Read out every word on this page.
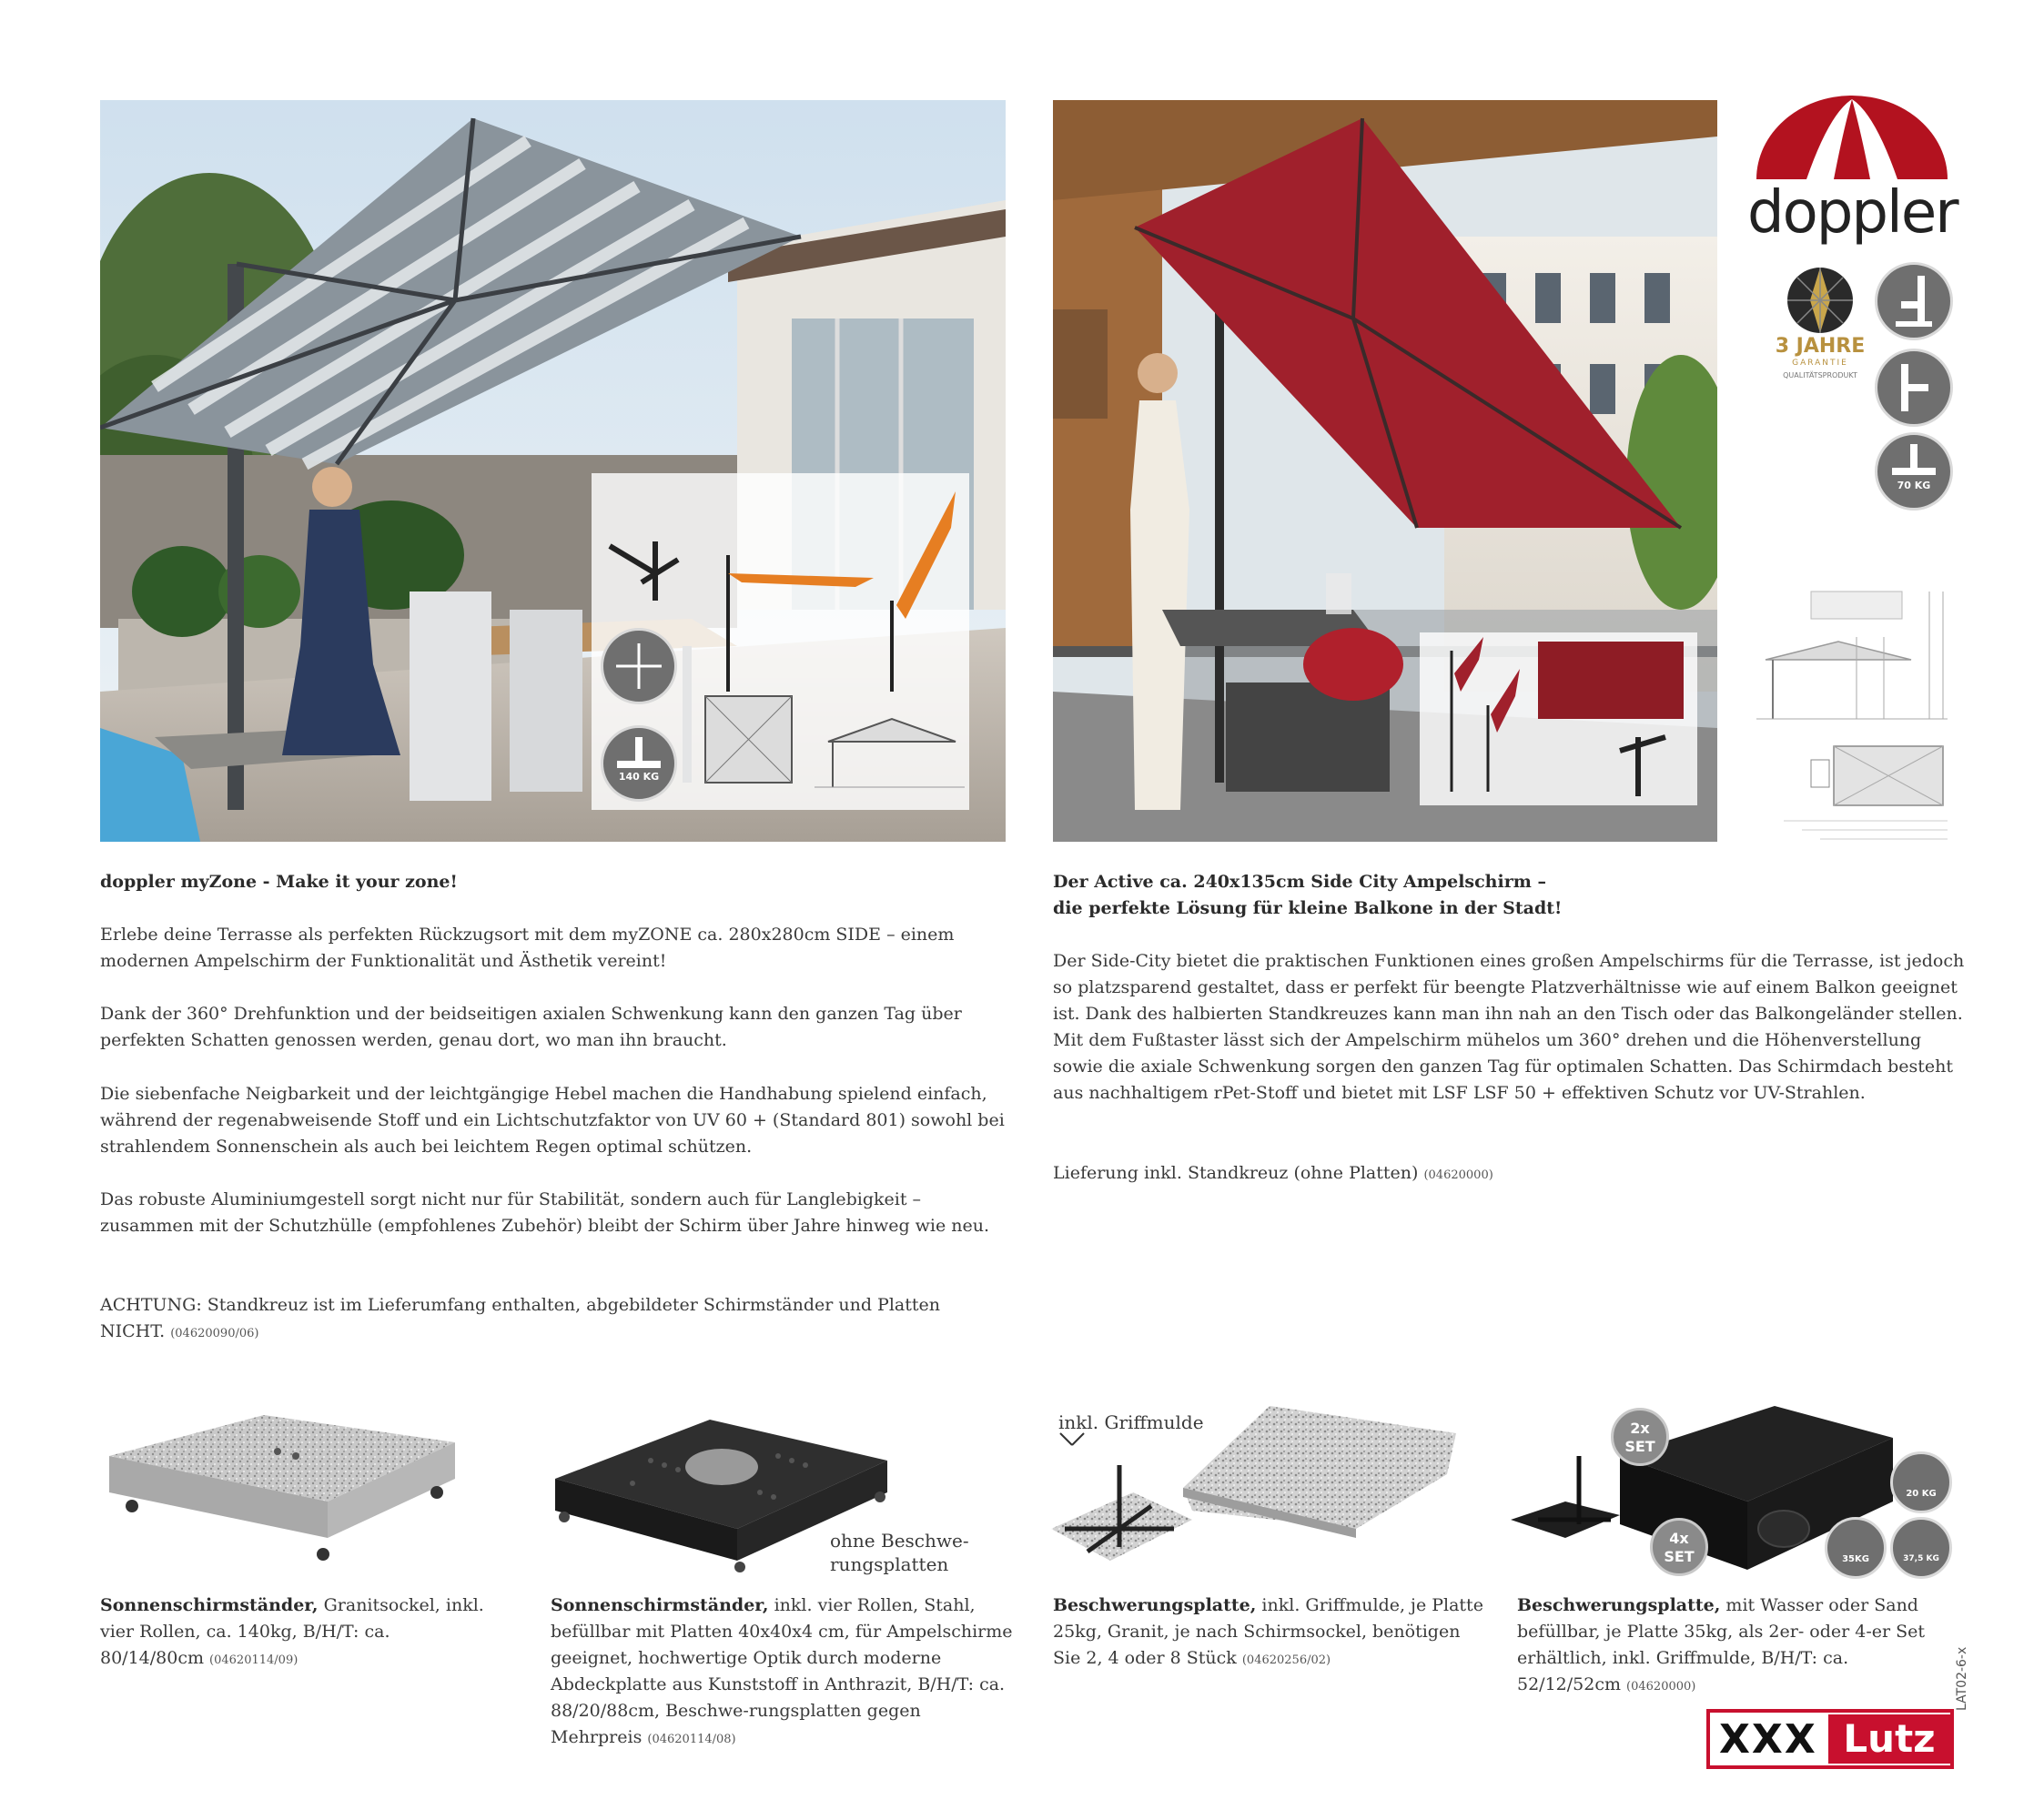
140 KG
doppler
3 JAHRE
GARANTIE
QUALITÄTSPRODUKT
70 KG
doppler myZone - Make it your zone!
Erlebe deine Terrasse als perfekten Rückzugsort mit dem myZONE ca. 280x280cm SIDE – einem modernen Ampelschirm der Funktionalität und Ästhetik vereint!
Dank der 360° Drehfunktion und der beidseitigen axialen Schwenkung kann den ganzen Tag über perfekten Schatten genossen werden, genau dort, wo man ihn braucht.
Die siebenfache Neigbarkeit und der leichtgängige Hebel machen die Handhabung spielend einfach, während der regenabweisende Stoff und ein Lichtschutzfaktor von UV 60 + (Standard 801) sowohl bei strahlendem Sonnenschein als auch bei leichtem Regen optimal schützen.
Das robuste Aluminiumgestell sorgt nicht nur für Stabilität, sondern auch für Langlebigkeit – zusammen mit der Schutzhülle (empfohlenes Zubehör) bleibt der Schirm über Jahre hinweg wie neu.
ACHTUNG: Standkreuz ist im Lieferumfang enthalten, abgebildeter Schirmständer und Platten NICHT. (04620090/06)
Der Active ca. 240x135cm Side City Ampelschirm –
die perfekte Lösung für kleine Balkone in der Stadt!
Der Side-City bietet die praktischen Funktionen eines großen Ampelschirms für die Terrasse, ist jedoch so platzsparend gestaltet, dass er perfekt für beengte Platzverhältnisse wie auf einem Balkon geeignet ist. Dank des halbierten Standkreuzes kann man ihn nah an den Tisch oder das Balkongeländer stellen. Mit dem Fußtaster lässt sich der Ampelschirm mühelos um 360° drehen und die Höhenverstellung sowie die axiale Schwenkung sorgen den ganzen Tag für optimalen Schatten. Das Schirmdach besteht aus nachhaltigem rPet-Stoff und bietet mit LSF LSF 50 + effektiven Schutz vor UV-Strahlen.
Lieferung inkl. Standkreuz (ohne Platten) (04620000)
Sonnenschirmständer, Granitsockel, inkl. vier Rollen, ca. 140kg, B/H/T: ca. 80/14/80cm (04620114/09)
ohne Beschwe-rungsplatten
Sonnenschirmständer, inkl. vier Rollen, Stahl, befüllbar mit Platten 40x40x4 cm, für Ampelschirme geeignet, hochwertige Optik durch moderne Abdeckplatte aus Kunststoff in Anthrazit, B/H/T: ca. 88/20/88cm, Beschwe-rungsplatten gegen Mehrpreis (04620114/08)
inkl. Griffmulde
Beschwerungsplatte, inkl. Griffmulde, je Platte 25kg, Granit, je nach Schirmsockel, benötigen Sie 2, 4 oder 8 Stück (04620256/02)
2x SET
4x SET
20 KG
35KG	37,5 KG
Beschwerungsplatte, mit Wasser oder Sand befüllbar, je Platte 35kg, als 2er- oder 4-er Set erhältlich, inkl. Griffmulde, B/H/T: ca. 52/12/52cm (04620000)
XXX Lutz
LAT02-6-x
